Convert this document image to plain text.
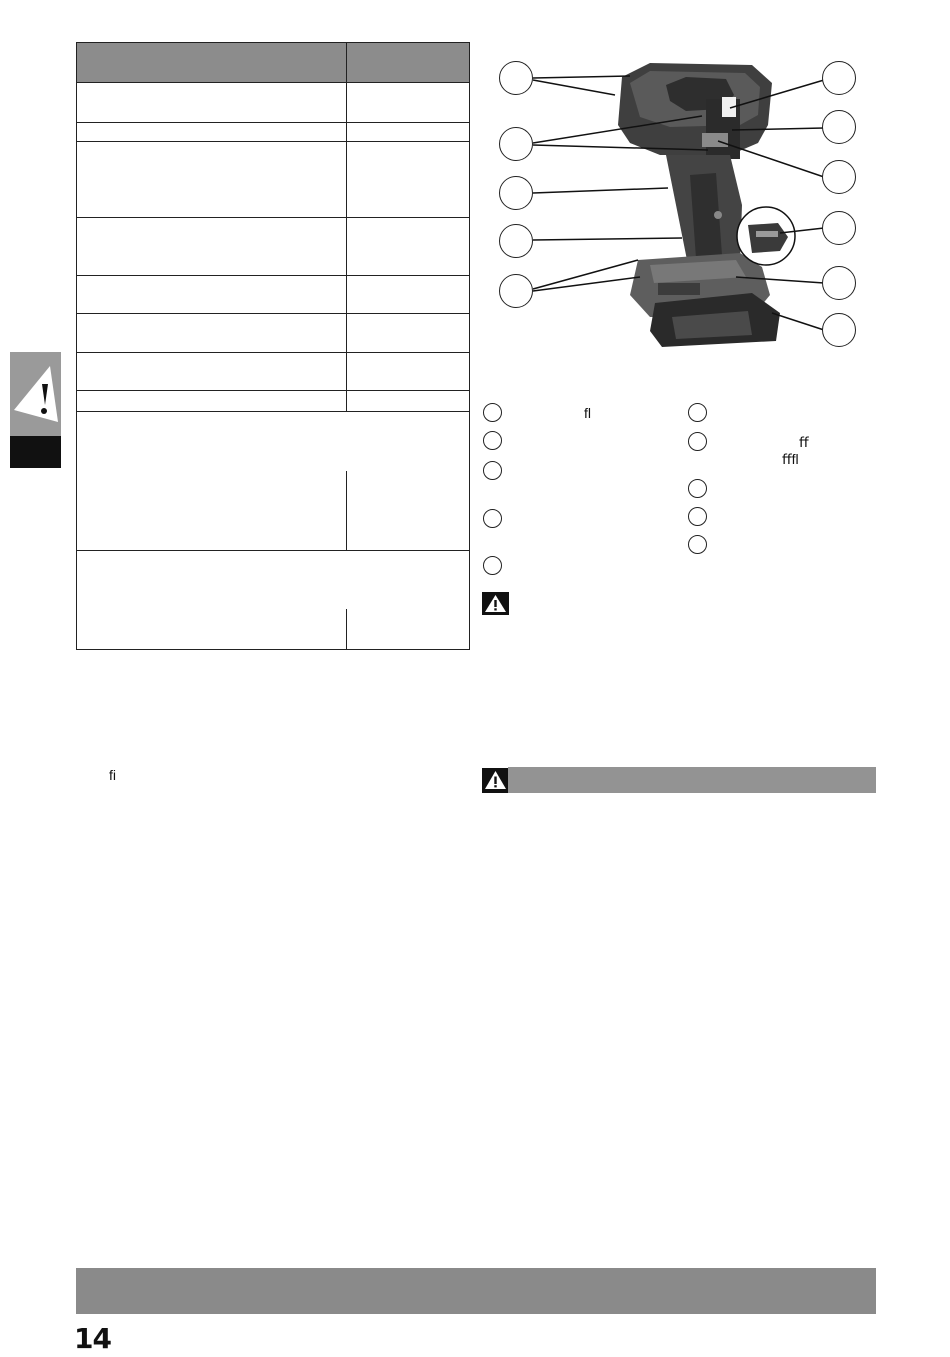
ﬁ
ﬂ
ﬀ
ﬀﬂ
14
